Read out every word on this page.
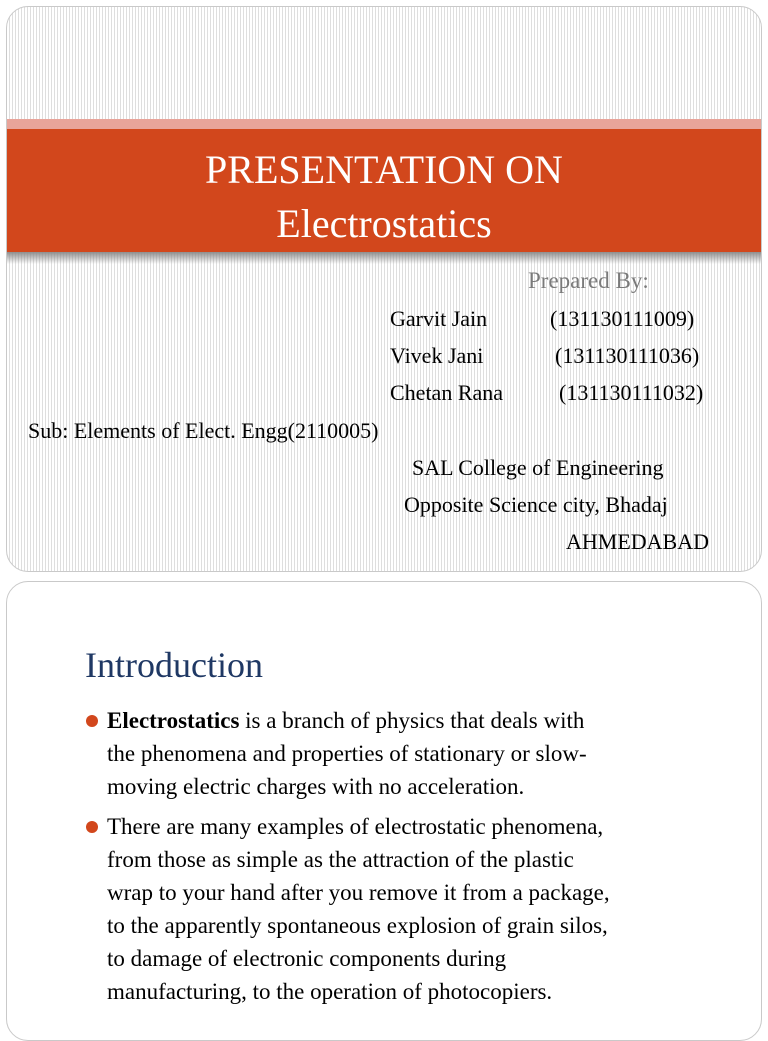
PRESENTATION ON
Electrostatics
Prepared By:
Garvit Jain	(131130111009)
Vivek Jani	(131130111036)
Chetan Rana	(131130111032)
Sub: Elements of Elect. Engg(2110005)
SAL College of Engineering
Opposite Science city, Bhadaj
AHMEDABAD
Introduction
Electrostatics is a branch of physics that deals with
the phenomena and properties of stationary or slow-
moving electric charges with no acceleration.
There are many examples of electrostatic phenomena,
from those as simple as the attraction of the plastic
wrap to your hand after you remove it from a package,
to the apparently spontaneous explosion of grain silos,
to damage of electronic components during
manufacturing, to the operation of photocopiers.
